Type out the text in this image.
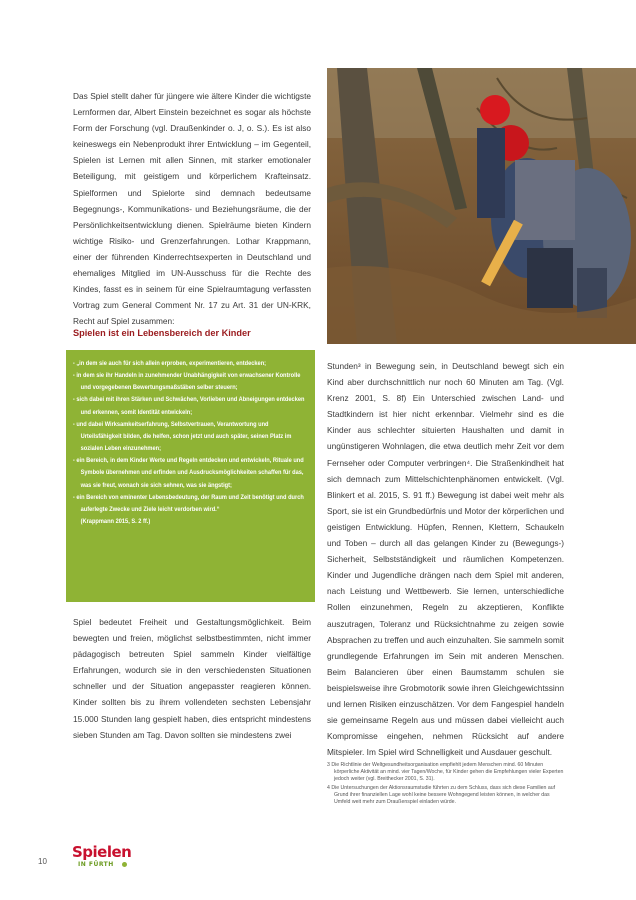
Das Spiel stellt daher für jüngere wie ältere Kinder die wichtigste Lernformen dar, Albert Einstein bezeichnet es sogar als höchste Form der Forschung (vgl. Draußenkinder o. J, o. S.). Es ist also keineswegs ein Nebenprodukt ihrer Entwicklung – im Gegenteil, Spielen ist Lernen mit allen Sinnen, mit starker emotionaler Beteiligung, mit geistigem und körperlichem Krafteinsatz. Spielformen und Spielorte sind demnach bedeutsame Begegnungs-, Kommunikations- und Beziehungsräume, die der Persönlichkeitsentwicklung dienen. Spielräume bieten Kindern wichtige Risiko- und Grenzerfahrungen. Lothar Krappmann, einer der führenden Kinderrechtsexperten in Deutschland und ehemaliges Mitglied im UN-Ausschuss für die Rechte des Kindes, fasst es in seinem für eine Spielraumtagung verfassten Vortrag zum General Comment Nr. 17 zu Art. 31 der UN-KRK, Recht auf Spiel zusammen:

Spielen ist ein Lebensbereich der Kinder
- „in dem sie auch für sich allein erproben, experimentieren, entdecken;
- in dem sie ihr Handeln in zunehmender Unabhängigkeit von erwachsener Kontrolle und vorgegebenen Bewertungsmaßstäben selber steuern;
- sich dabei mit ihren Stärken und Schwächen, Vorlieben und Abneigungen entdecken und erkennen, somit Identität entwickeln;
- und dabei Wirksamkeitserfahrung, Selbstvertrauen, Verantwortung und Urteilsfähigkeit bilden, die helfen, schon jetzt und auch später, seinen Platz im sozialen Leben einzunehmen;
- ein Bereich, in dem Kinder Werte und Regeln entdecken und entwickeln, Rituale und Symbole übernehmen und erfinden und Ausdrucksmöglichkeiten schaffen für das, was sie freut, wonach sie sich sehnen, was sie ängstigt;
- ein Bereich von eminenter Lebensbedeutung, der Raum und Zeit benötigt und durch auferlegte Zwecke und Ziele leicht verdorben wird.“
(Krappmann 2015, S. 2 ff.)

Spiel bedeutet Freiheit und Gestaltungsmöglichkeit. Beim bewegten und freien, möglichst selbstbestimmten, nicht immer pädagogisch betreuten Spiel sammeln Kinder vielfältige Erfahrungen, wodurch sie in den verschiedensten Situationen schneller und der Situation angepasster reagieren können. Kinder sollten bis zu ihrem vollendeten sechsten Lebensjahr 15.000 Stunden lang gespielt haben, dies entspricht mindestens sieben Stunden am Tag. Davon sollten sie mindestens zwei

Stunden³ in Bewegung sein, in Deutschland bewegt sich ein Kind aber durchschnittlich nur noch 60 Minuten am Tag. (Vgl. Krenz 2001, S. 8f) Ein Unterschied zwischen Land- und Stadtkindern ist hier nicht erkennbar. Vielmehr sind es die Kinder aus schlechter situierten Haushalten und damit in ungünstigeren Wohnlagen, die etwa deutlich mehr Zeit vor dem Fernseher oder Computer verbringen⁴. Die Straßenkindheit hat sich demnach zum Mittelschichtenphänomen entwickelt. (Vgl. Blinkert et al. 2015, S. 91 ff.) Bewegung ist dabei weit mehr als Sport, sie ist ein Grundbedürfnis und Motor der körperlichen und geistigen Entwicklung. Hüpfen, Rennen, Klettern, Schaukeln und Toben – durch all das gelangen Kinder zu (Bewegungs-) Sicherheit, Selbstständigkeit und räumlichen Kompetenzen. Kinder und Jugendliche drängen nach dem Spiel mit anderen, nach Leistung und Wettbewerb. Sie lernen, unterschiedliche Rollen einzunehmen, Regeln zu akzeptieren, Konflikte auszutragen, Toleranz und Rücksichtnahme zu zeigen sowie Absprachen zu treffen und auch einzuhalten. Sie sammeln somit grundlegende Erfahrungen im Sein mit anderen Menschen. Beim Balancieren über einen Baumstamm schulen sie beispielsweise ihre Grobmotorik sowie ihren Gleichgewichtssinn und lernen Risiken einzuschätzen. Vor dem Fangespiel handeln sie gemeinsame Regeln aus und müssen dabei vielleicht auch Kompromisse eingehen, nehmen Rücksicht auf andere Mitspieler. Im Spiel wird Schnelligkeit und Ausdauer geschult.

3 Die Richtlinie der Weltgesundheitsorganisation empfiehlt jedem Menschen mind. 60 Minuten körperliche Aktivität an mind. vier Tagen/Woche, für Kinder gehen die Empfehlungen vieler Experten jedoch weiter (vgl. Breithecker 2001, S. 31).

4 Die Untersuchungen der Aktionsraumstudie führten zu dem Schluss, dass sich diese Familien auf Grund ihrer finanziellen Lage wohl keine bessere Wohngegend leisten können, in welcher das Umfeld weit mehr zum Draußenspiel einladen würde.

10
Spielen
IN FÜRTH
